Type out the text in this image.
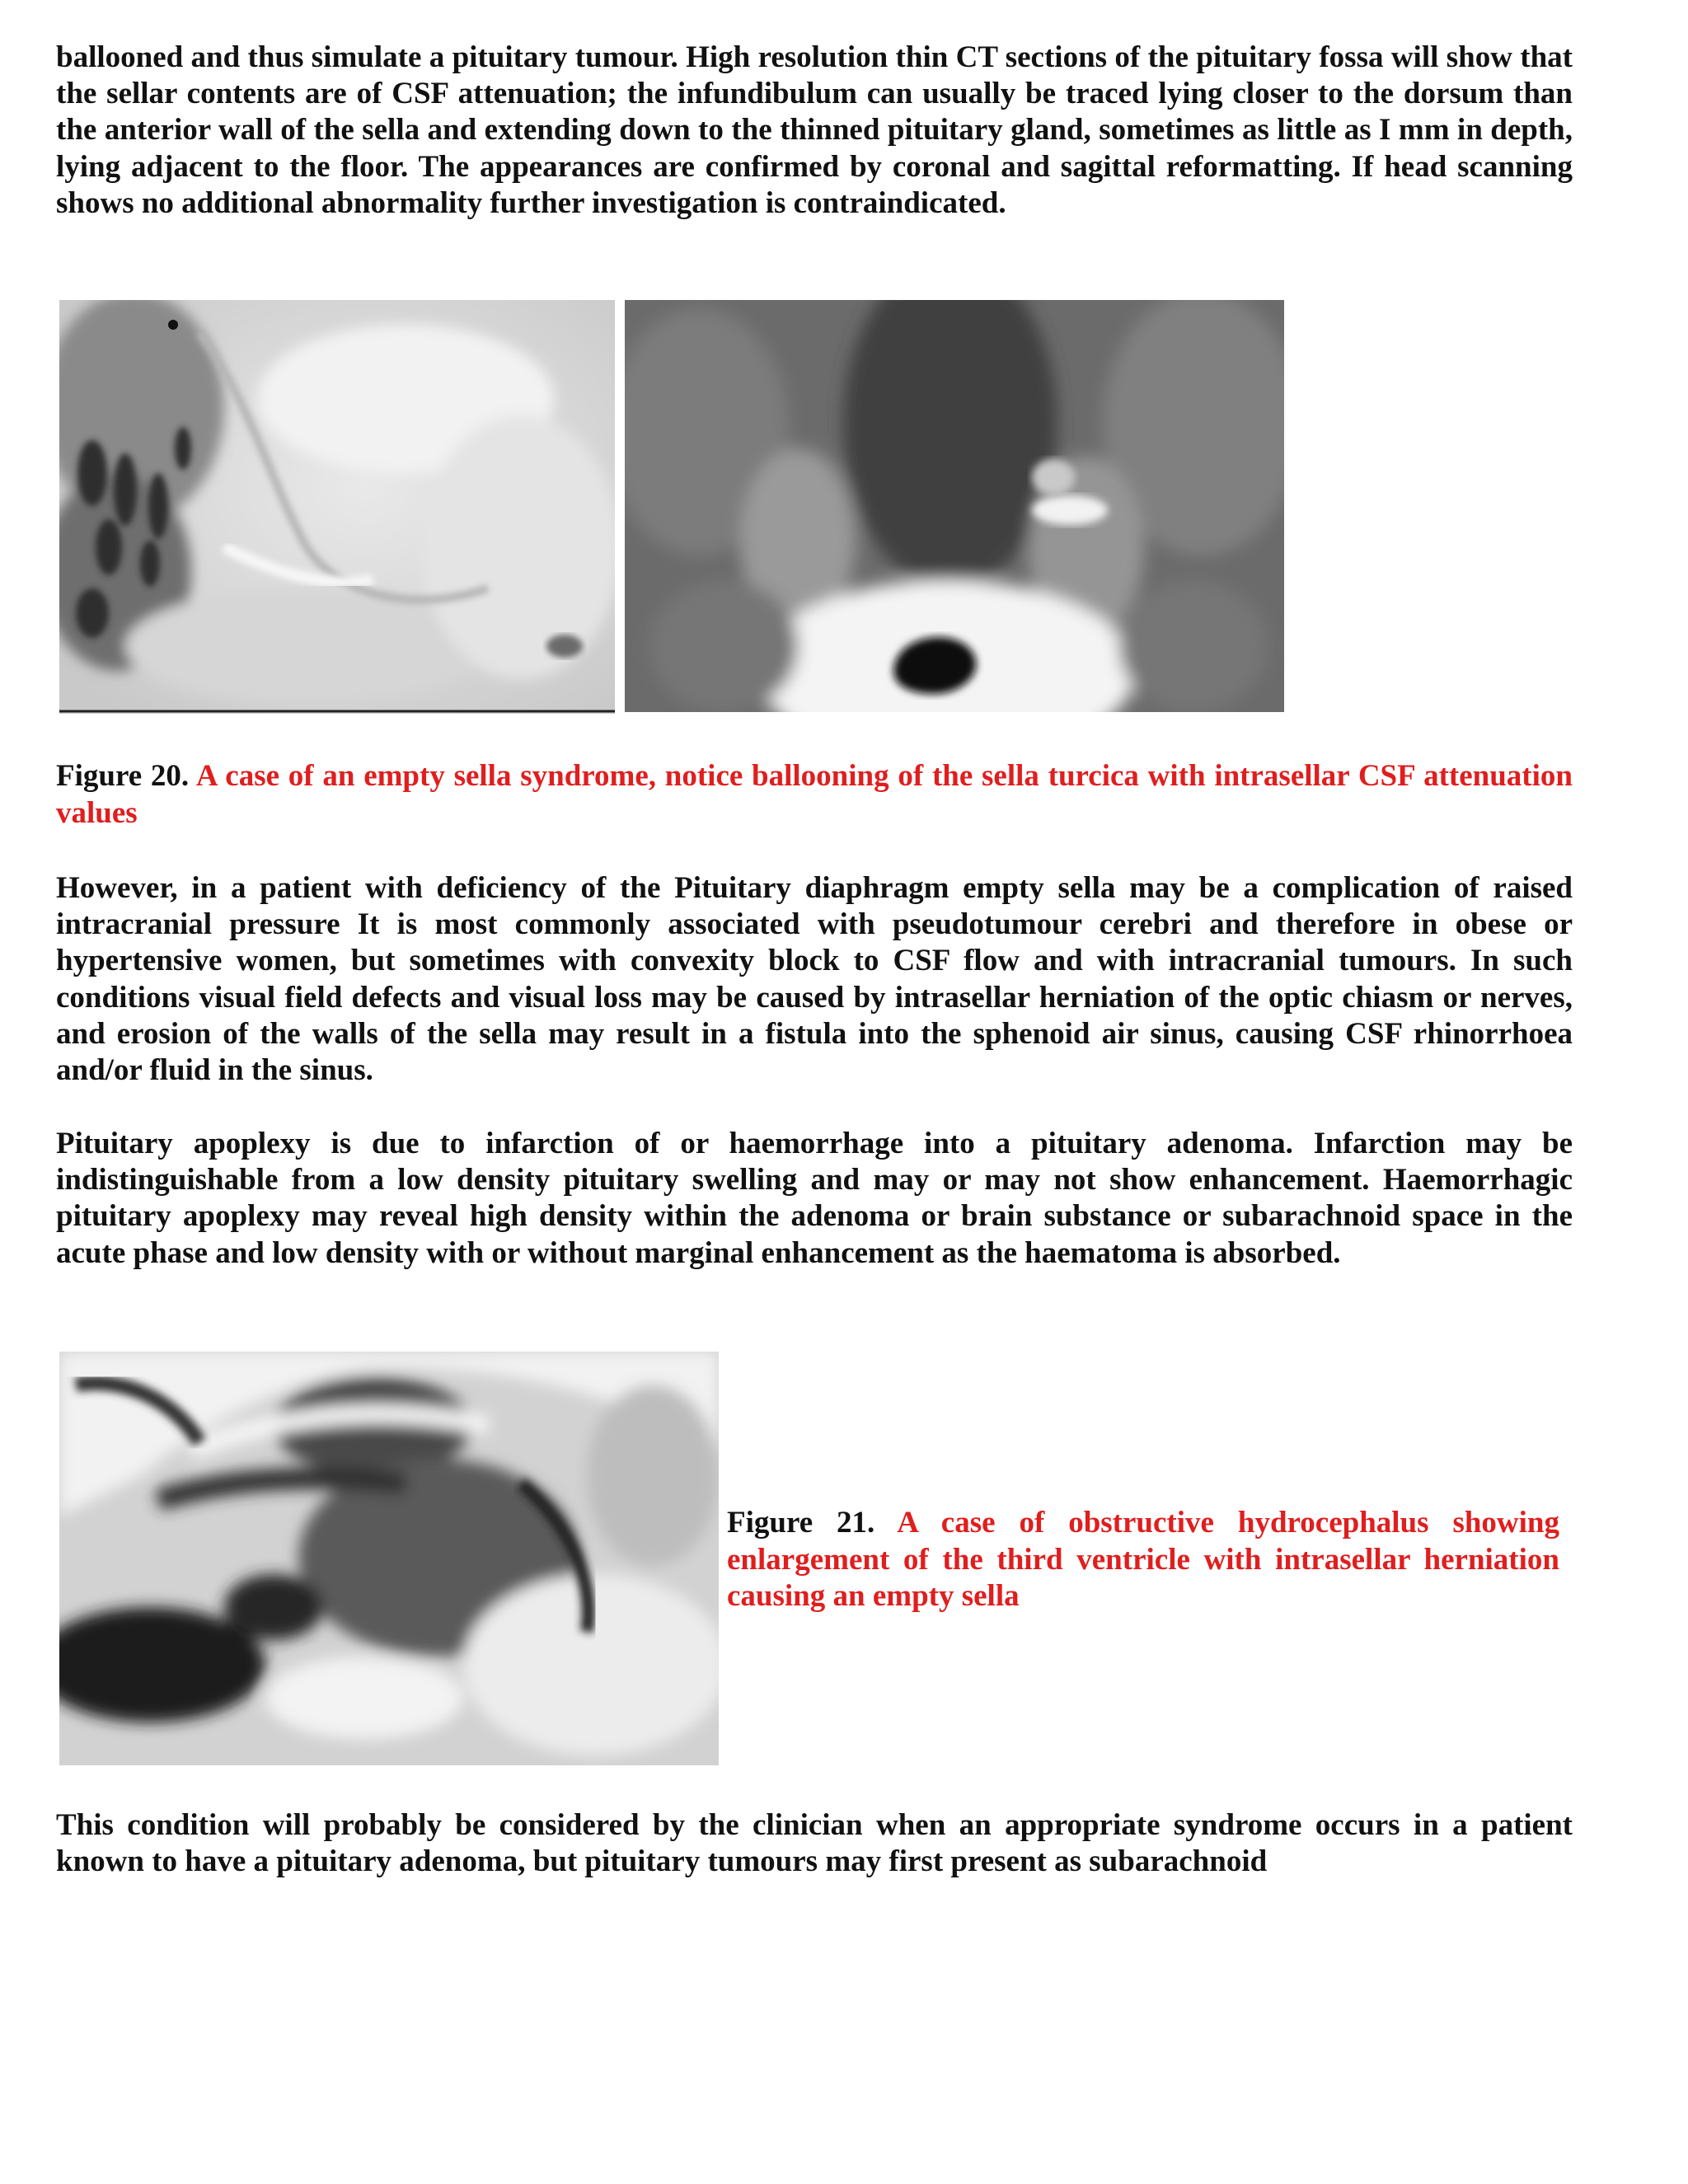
ballooned and thus simulate a pituitary tumour. High resolution thin CT sections of the pituitary fossa will show that the sellar contents are of CSF attenuation; the infundibulum can usually be traced lying closer to the dorsum than the anterior wall of the sella and extending down to the thinned pituitary gland, sometimes as little as I mm in depth, lying adjacent to the floor. The appearances are confirmed by coronal and sagittal reformatting. If head scanning shows no additional abnormality further investigation is contraindicated.

Figure 20. A case of an empty sella syndrome, notice ballooning of the sella turcica with intrasellar CSF attenuation values

However, in a patient with deficiency of the Pituitary diaphragm empty sella may be a complication of raised intracranial pressure It is most commonly associated with pseudotumour cerebri and therefore in obese or hypertensive women, but sometimes with convexity block to CSF flow and with intracranial tumours. In such conditions visual field defects and visual loss may be caused by intrasellar herniation of the optic chiasm or nerves, and erosion of the walls of the sella may result in a fistula into the sphenoid air sinus, causing CSF rhinorrhoea and/or fluid in the sinus.

Pituitary apoplexy is due to infarction of or haemorrhage into a pituitary adenoma. Infarction may be indistinguishable from a low density pituitary swelling and may or may not show enhancement. Haemorrhagic pituitary apoplexy may reveal high density within the adenoma or brain substance or subarachnoid space in the acute phase and low density with or without marginal enhancement as the haematoma is absorbed.

Figure 21. A case of obstructive hydrocephalus showing enlargement of the third ventricle with intrasellar herniation causing an empty sella

This condition will probably be considered by the clinician when an appropriate syndrome occurs in a patient known to have a pituitary adenoma, but pituitary tumours may first present as subarachnoid
